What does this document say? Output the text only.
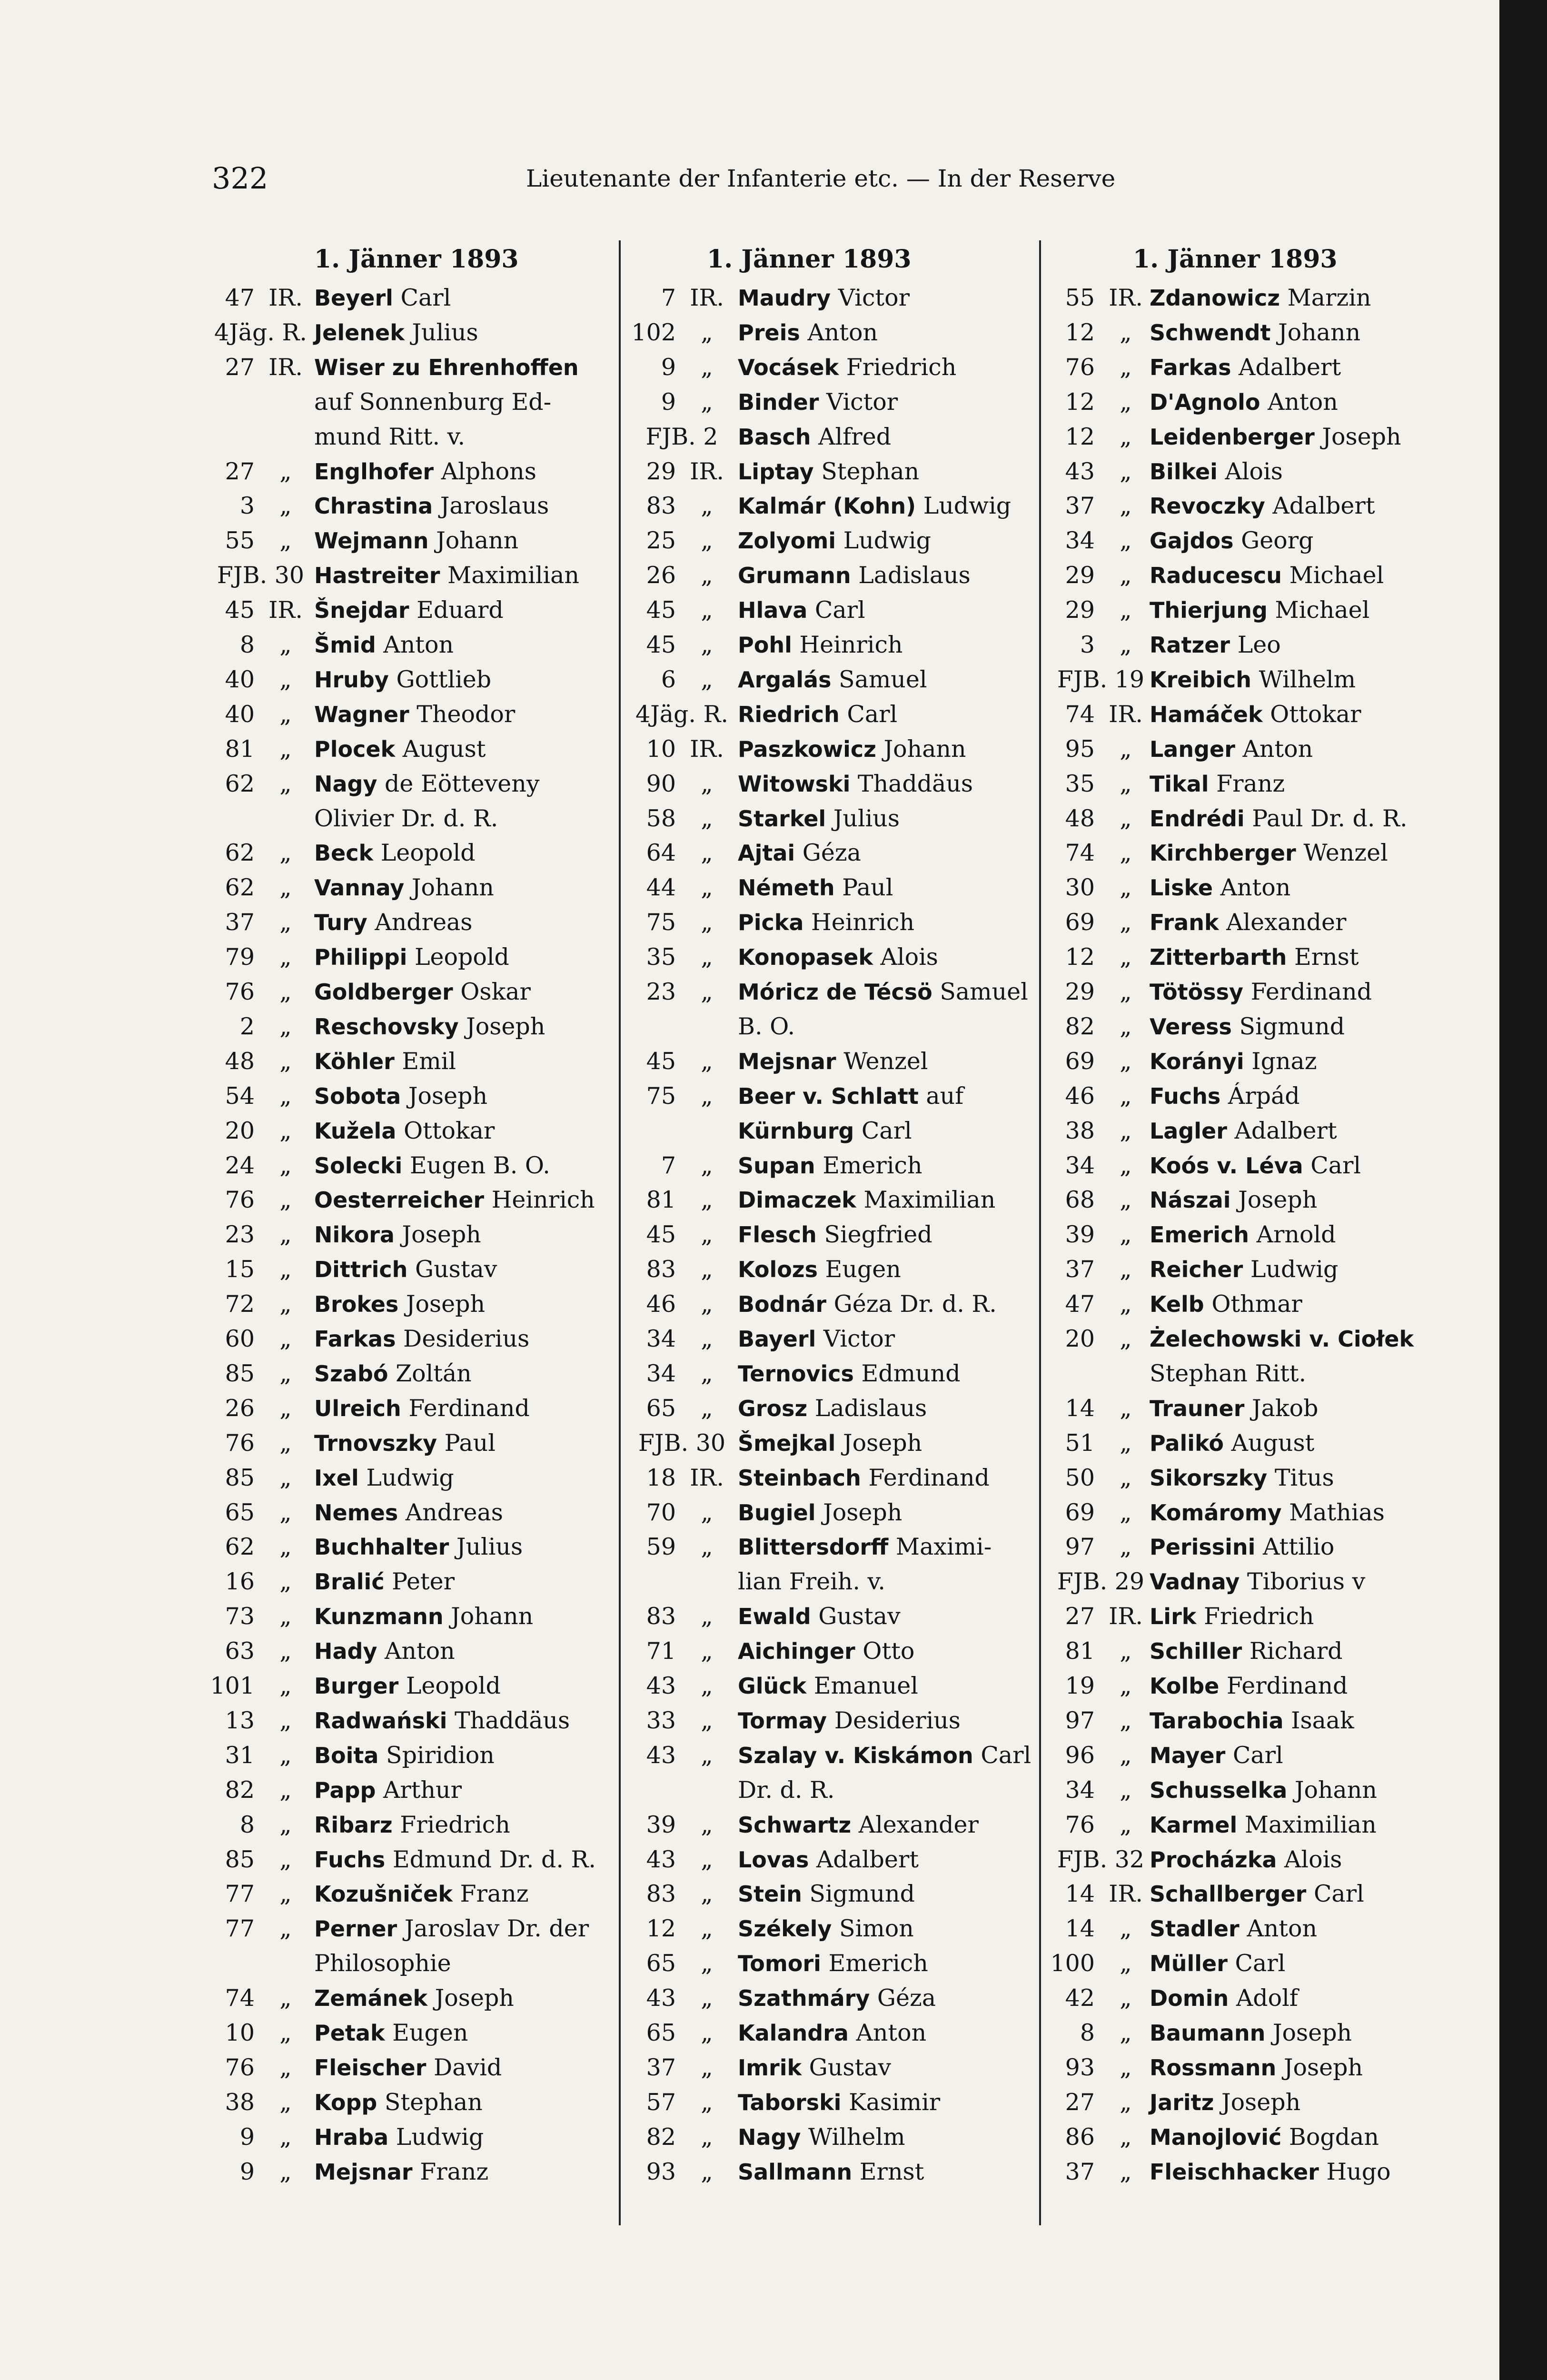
322	Lieutenante der Infanterie etc. — In der Reserve
1. Jänner 1893
47 IR. Beyerl Carl
4Jäg. R. Jelenek Julius
27 IR. Wiser zu Ehrenhoffen
auf Sonnenburg Ed-
mund Ritt. v.
27	„	Englhofer Alphons
3	„	Chrastina Jaroslaus
55	„	Wejmann Johann
FJB. 30 Hastreiter Maximilian
45 IR. Šnejdar Eduard
8	„	Šmid Anton
40	„	Hruby Gottlieb
40	„	Wagner Theodor
81	„	Plocek August
62	„	Nagy de Eötteveny
Olivier Dr. d. R.
62	„	Beck Leopold
62	„	Vannay Johann
37	„	Tury Andreas
79	„	Philippi Leopold
76	„	Goldberger Oskar
2	„	Reschovsky Joseph
48	„	Köhler Emil
54	„	Sobota Joseph
20	„	Kužela Ottokar
24	„	Solecki Eugen B. O.
76	„	Oesterreicher Heinrich
23	„	Nikora Joseph
15	„	Dittrich Gustav
72	„	Brokes Joseph
60	„	Farkas Desiderius
85	„	Szabó Zoltán
26	„	Ulreich Ferdinand
76	„	Trnovszky Paul
85	„	Ixel Ludwig
65	„	Nemes Andreas
62	„	Buchhalter Julius
16	„	Bralić Peter
73	„	Kunzmann Johann
63	„	Hady Anton
101	„	Burger Leopold
13	„	Radwański Thaddäus
31	„	Boita Spiridion
82	„	Papp Arthur
8	„	Ribarz Friedrich
85	„	Fuchs Edmund Dr. d. R.
77	„	Kozušniček Franz
77	„	Perner Jaroslav Dr. der
Philosophie
74	„	Zemánek Joseph
10	„	Petak Eugen
76	„	Fleischer David
38	„	Kopp Stephan
9	„	Hraba Ludwig
9	„	Mejsnar Franz
1. Jänner 1893
7 IR. Maudry Victor
102	„	Preis Anton
9	„	Vocásek Friedrich
9	„	Binder Victor
FJB. 2 Basch Alfred
29 IR. Liptay Stephan
83	„	Kalmár (Kohn) Ludwig
25	„	Zolyomi Ludwig
26	„	Grumann Ladislaus
45	„	Hlava Carl
45	„	Pohl Heinrich
6	„	Argalás Samuel
4Jäg. R. Riedrich Carl
10 IR. Paszkowicz Johann
90	„	Witowski Thaddäus
58	„	Starkel Julius
64	„	Ajtai Géza
44	„	Németh Paul
75	„	Picka Heinrich
35	„	Konopasek Alois
23	„	Móricz de Técsö Samuel
B. O.
45	„	Mejsnar Wenzel
75	„	Beer v. Schlatt auf
Kürnburg Carl
7	„	Supan Emerich
81	„	Dimaczek Maximilian
45	„	Flesch Siegfried
83	„	Kolozs Eugen
46	„	Bodnár Géza Dr. d. R.
34	„	Bayerl Victor
34	„	Ternovics Edmund
65	„	Grosz Ladislaus
FJB. 30 Šmejkal Joseph
18 IR. Steinbach Ferdinand
70	„	Bugiel Joseph
59	„	Blittersdorff Maximi-
lian Freih. v.
83	„	Ewald Gustav
71	„	Aichinger Otto
43	„	Glück Emanuel
33	„	Tormay Desiderius
43	„	Szalay v. Kiskámon Carl
Dr. d. R.
39	„	Schwartz Alexander
43	„	Lovas Adalbert
83	„	Stein Sigmund
12	„	Székely Simon
65	„	Tomori Emerich
43	„	Szathmáry Géza
65	„	Kalandra Anton
37	„	Imrik Gustav
57	„	Taborski Kasimir
82	„	Nagy Wilhelm
93	„	Sallmann Ernst
1. Jänner 1893
55 IR. Zdanowicz Marzin
12	„ Schwendt Johann
76	„ Farkas Adalbert
12	„ D'Agnolo Anton
12	„ Leidenberger Joseph
43	„ Bilkei Alois
37	„ Revoczky Adalbert
34	„ Gajdos Georg
29	„ Raducescu Michael
29	„ Thierjung Michael
3	„ Ratzer Leo
FJB. 19 Kreibich Wilhelm
74 IR. Hamáček Ottokar
95	„ Langer Anton
35	„ Tikal Franz
48	„ Endrédi Paul Dr. d. R.
74	„ Kirchberger Wenzel
30	„ Liske Anton
69	„ Frank Alexander
12	„ Zitterbarth Ernst
29	„ Tötössy Ferdinand
82	„ Veress Sigmund
69	„ Korányi Ignaz
46	„ Fuchs Árpád
38	„ Lagler Adalbert
34	„ Koós v. Léva Carl
68	„ Nászai Joseph
39	„ Emerich Arnold
37	„ Reicher Ludwig
47	„ Kelb Othmar
20	„ Żelechowski v. Ciołek
Stephan Ritt.
14	„ Trauner Jakob
51	„ Palikó August
50	„ Sikorszky Titus
69	„ Komáromy Mathias
97	„ Perissini Attilio
FJB. 29 Vadnay Tiborius v
27 IR. Lirk Friedrich
81	„ Schiller Richard
19	„ Kolbe Ferdinand
97	„ Tarabochia Isaak
96	„ Mayer Carl
34	„ Schusselka Johann
76	„ Karmel Maximilian
FJB. 32 Procházka Alois
14 IR. Schallberger Carl
14	„ Stadler Anton
100	„ Müller Carl
42	„ Domin Adolf
8	„ Baumann Joseph
93	„ Rossmann Joseph
27	„ Jaritz Joseph
86	„ Manojlović Bogdan
37	„ Fleischhacker Hugo
